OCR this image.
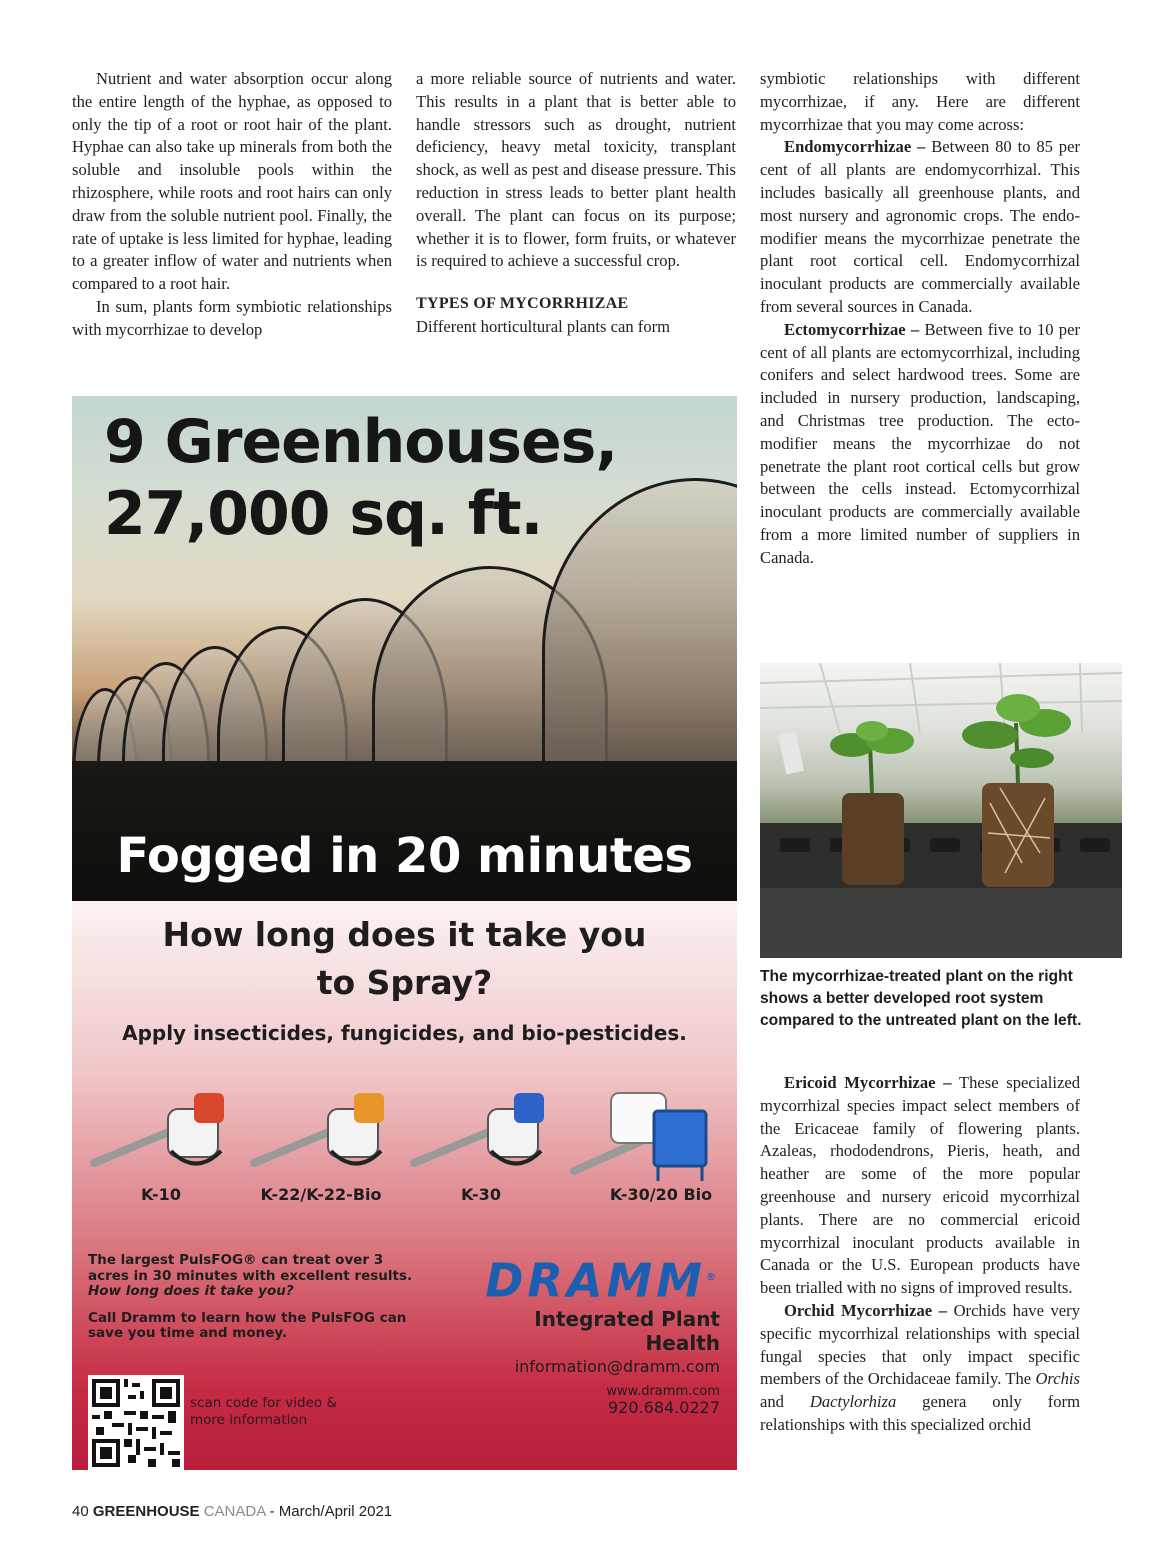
Nutrient and water absorption occur along the entire length of the hyphae, as opposed to only the tip of a root or root hair of the plant. Hyphae can also take up minerals from both the soluble and insoluble pools within the rhizosphere, while roots and root hairs can only draw from the soluble nutrient pool. Finally, the rate of uptake is less limited for hyphae, leading to a greater inflow of water and nutrients when compared to a root hair.

In sum, plants form symbiotic relationships with mycorrhizae to develop

a more reliable source of nutrients and water. This results in a plant that is better able to handle stressors such as drought, nutrient deficiency, heavy metal toxicity, transplant shock, as well as pest and disease pressure. This reduction in stress leads to better plant health overall. The plant can focus on its purpose; whether it is to flower, form fruits, or whatever is required to achieve a successful crop.

TYPES OF MYCORRHIZAE

Different horticultural plants can form

symbiotic relationships with different mycorrhizae, if any. Here are different mycorrhizae that you may come across:

Endomycorrhizae – Between 80 to 85 per cent of all plants are endomycorrhizal. This includes basically all greenhouse plants, and most nursery and agronomic crops. The endo- modifier means the mycorrhizae penetrate the plant root cortical cell. Endomycorrhizal inoculant products are commercially available from several sources in Canada.

Ectomycorrhizae – Between five to 10 per cent of all plants are ectomycorrhizal, including conifers and select hardwood trees. Some are included in nursery production, landscaping, and Christmas tree production. The ecto- modifier means the mycorrhizae do not penetrate the plant root cortical cells but grow between the cells instead. Ectomycorrhizal inoculant products are commercially available from a more limited number of suppliers in Canada.

The mycorrhizae-treated plant on the right shows a better developed root system compared to the untreated plant on the left.

Ericoid Mycorrhizae – These specialized mycorrhizal species impact select members of the Ericaceae family of flowering plants. Azaleas, rhododendrons, Pieris, heath, and heather are some of the more popular greenhouse and nursery ericoid mycorrhizal plants. There are no commercial ericoid mycorrhizal inoculant products available in Canada or the U.S. European products have been trialled with no signs of improved results.

Orchid Mycorrhizae – Orchids have very specific mycorrhizal relationships with special fungal species that only impact specific members of the Orchidaceae family. The Orchis and Dactylorhiza genera only form relationships with this specialized orchid

9 Greenhouses,
27,000 sq. ft.
Fogged in 20 minutes
How long does it take you
to Spray?
Apply insecticides, fungicides, and bio-pesticides.
K-10	K-22/K-22-Bio	K-30	K-30/20 Bio

The largest PulsFOG® can treat over 3 acres in 30 minutes with excellent results.
How long does it take you?

Call Dramm to learn how the PulsFOG can save you time and money.

DRAMM®
Integrated Plant Health
information@dramm.com
www.dramm.com
920.684.0227
scan code for video & more information
40 GREENHOUSE CANADA - March/April 2021
